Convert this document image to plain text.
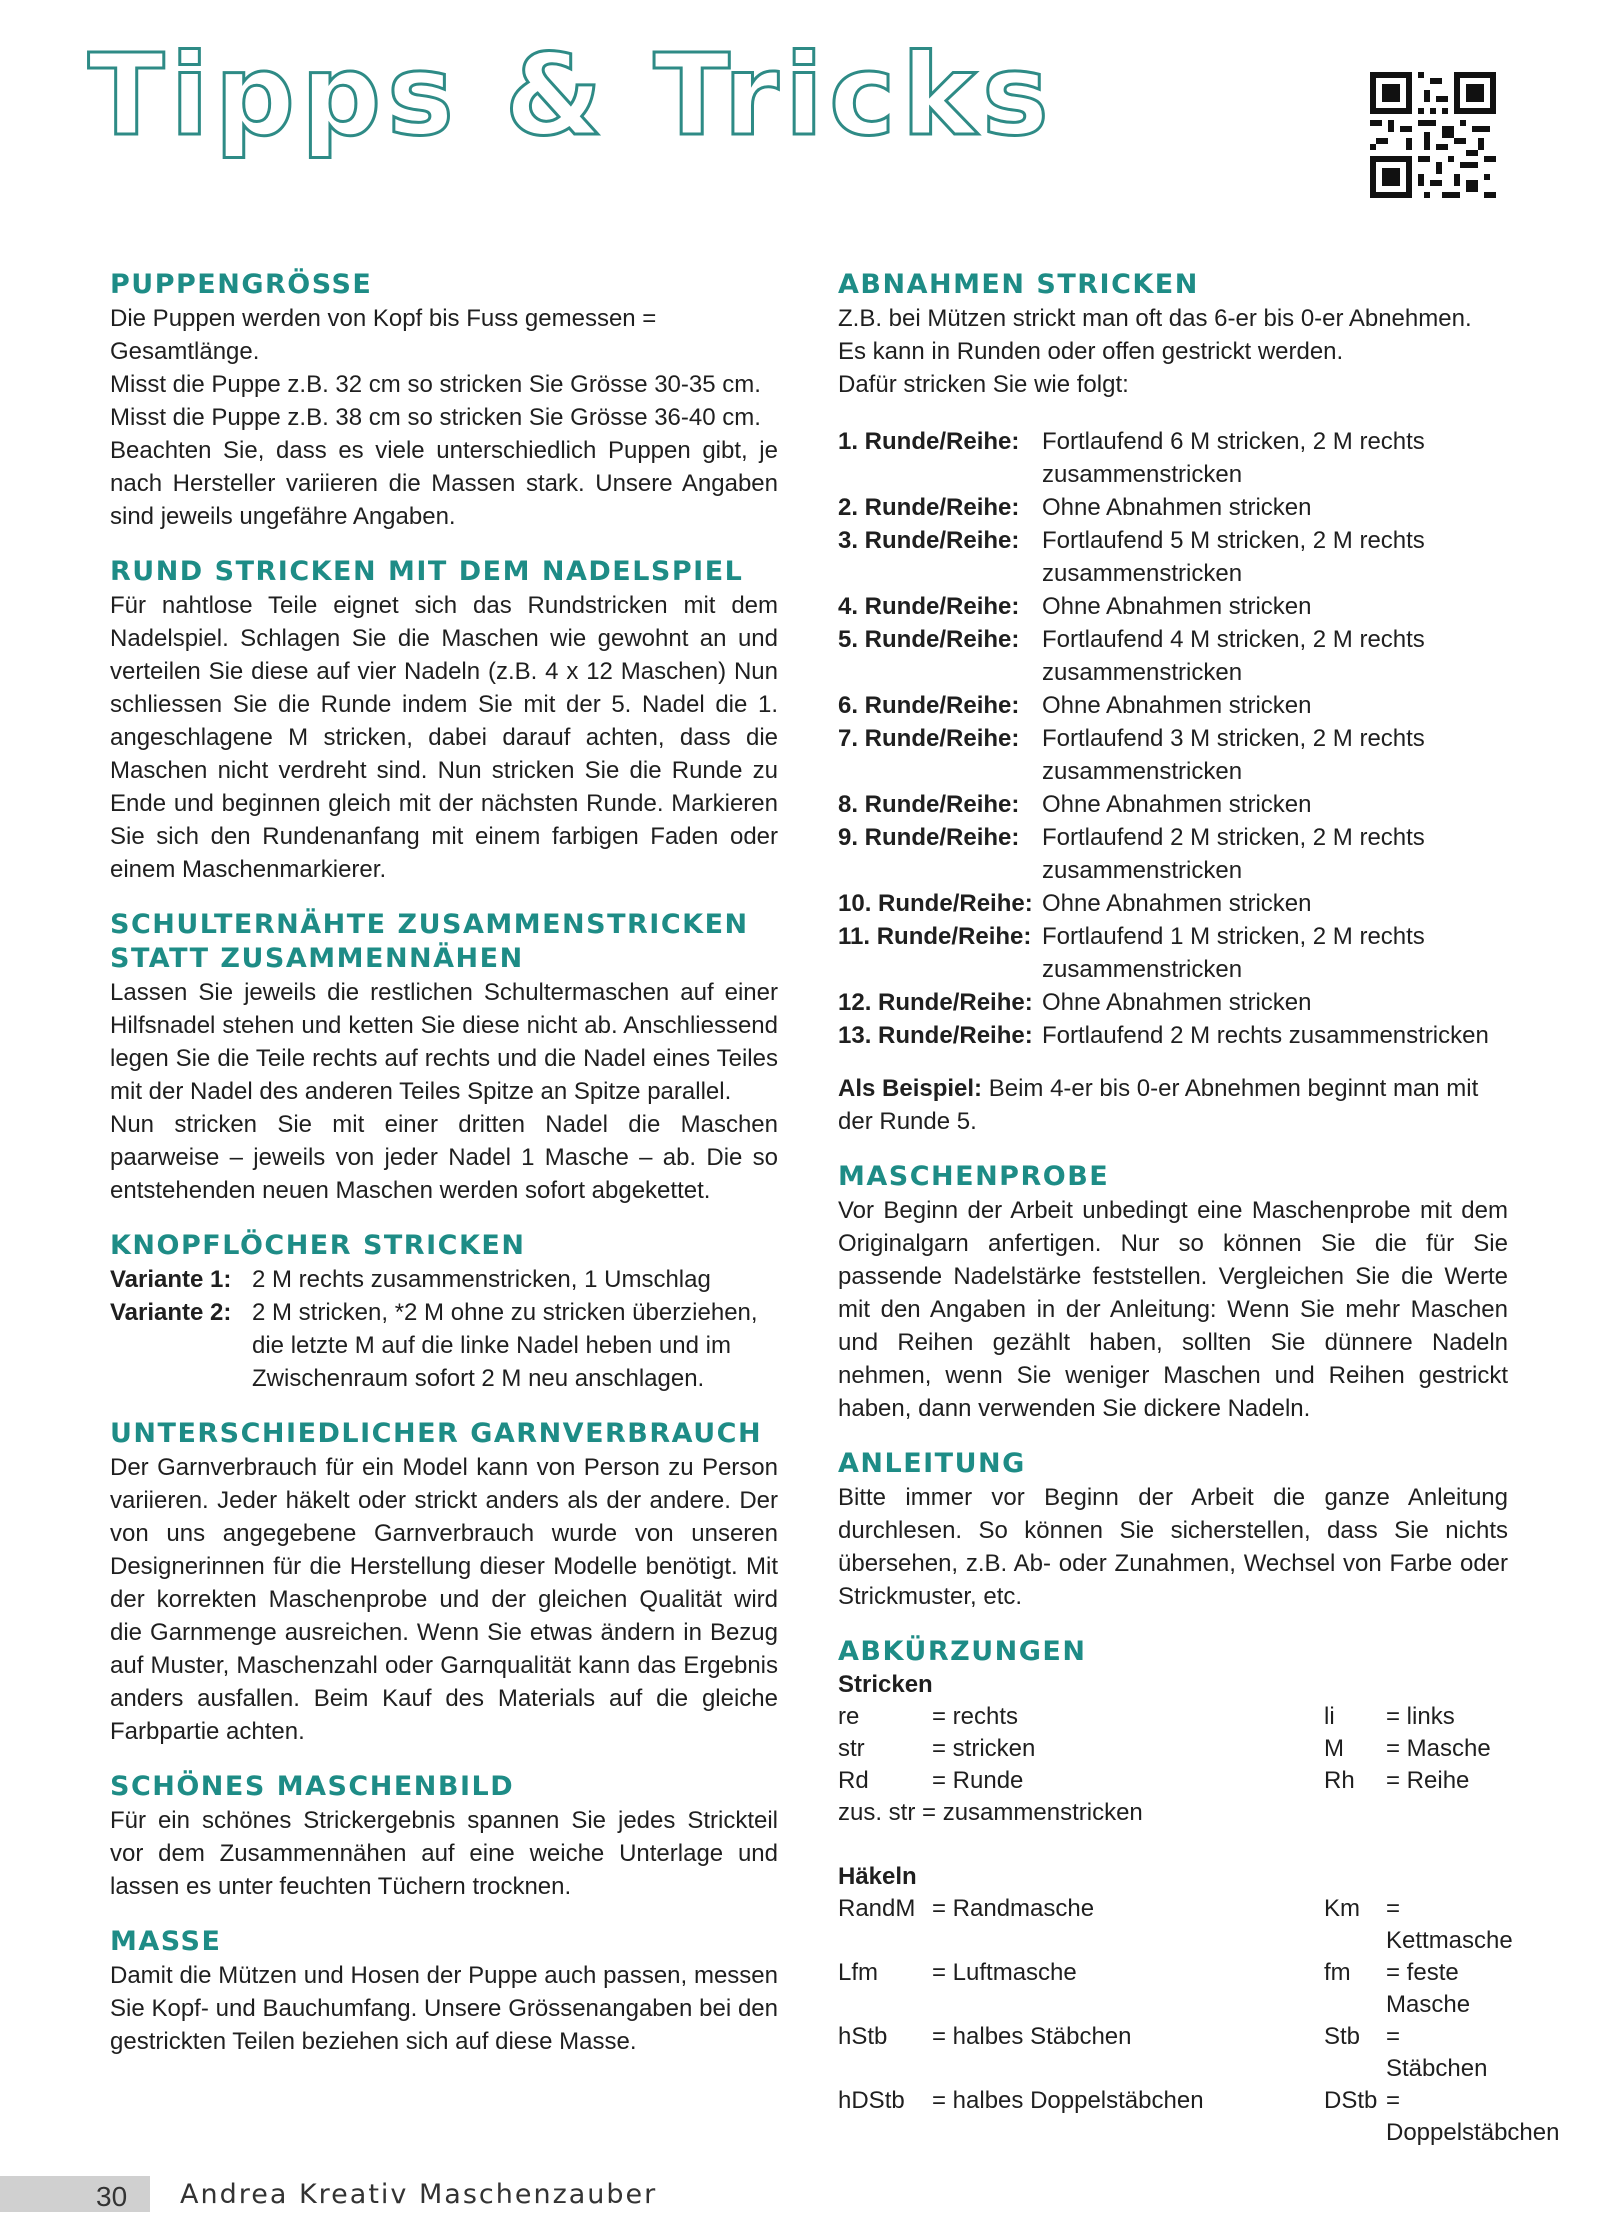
Tipps & Tricks
PUPPENGRÖSSE

Die Puppen werden von Kopf bis Fuss gemessen = Gesamtlänge.

Misst die Puppe z.B. 32 cm so stricken Sie Grösse 30-35 cm.

Misst die Puppe z.B. 38 cm so stricken Sie Grösse 36-40 cm.

Beachten Sie, dass es viele unterschiedlich Puppen gibt, je nach Hersteller variieren die Massen stark. Unsere Angaben sind jeweils ungefähre Angaben.

RUND STRICKEN MIT DEM NADELSPIEL

Für nahtlose Teile eignet sich das Rundstricken mit dem Nadelspiel. Schlagen Sie die Maschen wie gewohnt an und verteilen Sie diese auf vier Nadeln (z.B. 4 x 12 Maschen) Nun schliessen Sie die Runde indem Sie mit der 5. Nadel die 1. angeschlagene M stricken, dabei darauf achten, dass die Maschen nicht verdreht sind. Nun stricken Sie die Runde zu Ende und beginnen gleich mit der nächsten Runde. Markieren Sie sich den Rundenanfang mit einem farbigen Faden oder einem Maschenmarkierer.

SCHULTERNÄHTE ZUSAMMENSTRICKEN
STATT ZUSAMMENNÄHEN

Lassen Sie jeweils die restlichen Schultermaschen auf einer Hilfsnadel stehen und ketten Sie diese nicht ab. Anschliessend legen Sie die Teile rechts auf rechts und die Nadel eines Teiles mit der Nadel des anderen Teiles Spitze an Spitze parallel.

Nun stricken Sie mit einer dritten Nadel die Maschen paarweise – jeweils von jeder Nadel 1 Masche – ab. Die so entstehenden neuen Maschen werden sofort abgekettet.

KNOPFLÖCHER STRICKEN
Variante 1: 2 M rechts zusammenstricken, 1 Umschlag
Variante 2: 2 M stricken, *2 M ohne zu stricken überziehen, die letzte M auf die linke Nadel heben und im Zwischenraum sofort 2 M neu anschlagen.
UNTERSCHIEDLICHER GARNVERBRAUCH

Der Garnverbrauch für ein Model kann von Person zu Person variieren. Jeder häkelt oder strickt anders als der andere. Der von uns angegebene Garnverbrauch wurde von unseren Designerinnen für die Herstellung dieser Modelle benötigt. Mit der korrekten Maschenprobe und der gleichen Qualität wird die Garnmenge ausreichen. Wenn Sie etwas ändern in Bezug auf Muster, Maschenzahl oder Garnqualität kann das Ergebnis anders ausfallen. Beim Kauf des Materials auf die gleiche Farbpartie achten.

SCHÖNES MASCHENBILD

Für ein schönes Strickergebnis spannen Sie jedes Strickteil vor dem Zusammennähen auf eine weiche Unterlage und lassen es unter feuchten Tüchern trocknen.

MASSE

Damit die Mützen und Hosen der Puppe auch passen, messen Sie Kopf- und Bauchumfang. Unsere Grössenangaben bei den gestrickten Teilen beziehen sich auf diese Masse.

ABNAHMEN STRICKEN

Z.B. bei Mützen strickt man oft das 6-er bis 0-er Abnehmen.

Es kann in Runden oder offen gestrickt werden.

Dafür stricken Sie wie folgt:

1. Runde/Reihe: Fortlaufend 6 M stricken, 2 M rechts zusammenstricken
2. Runde/Reihe: Ohne Abnahmen stricken
3. Runde/Reihe: Fortlaufend 5 M stricken, 2 M rechts zusammenstricken
4. Runde/Reihe: Ohne Abnahmen stricken
5. Runde/Reihe: Fortlaufend 4 M stricken, 2 M rechts zusammenstricken
6. Runde/Reihe: Ohne Abnahmen stricken
7. Runde/Reihe: Fortlaufend 3 M stricken, 2 M rechts zusammenstricken
8. Runde/Reihe: Ohne Abnahmen stricken
9. Runde/Reihe: Fortlaufend 2 M stricken, 2 M rechts zusammenstricken
10. Runde/Reihe: Ohne Abnahmen stricken
11. Runde/Reihe: Fortlaufend 1 M stricken, 2 M rechts zusammenstricken
12. Runde/Reihe: Ohne Abnahmen stricken
13. Runde/Reihe: Fortlaufend 2 M rechts zusammenstricken
Als Beispiel: Beim 4-er bis 0-er Abnehmen beginnt man mit der Runde 5.
MASCHENPROBE

Vor Beginn der Arbeit unbedingt eine Maschenprobe mit dem Originalgarn anfertigen. Nur so können Sie die für Sie passende Nadelstärke feststellen. Vergleichen Sie die Werte mit den Angaben in der Anleitung: Wenn Sie mehr Maschen und Reihen gezählt haben, sollten Sie dünnere Nadeln nehmen, wenn Sie weniger Maschen und Reihen gestrickt haben, dann verwenden Sie dickere Nadeln.

ANLEITUNG

Bitte immer vor Beginn der Arbeit die ganze Anleitung durchlesen. So können Sie sicherstellen, dass Sie nichts übersehen, z.B. Ab- oder Zunahmen, Wechsel von Farbe oder Strickmuster, etc.

ABKÜRZUNGEN
Stricken
re	= rechts	li	= links
str	= stricken	M	= Masche
Rd	= Runde	Rh	= Reihe
zus. str = zusammenstricken
Häkeln
RandM = Randmasche	Km	= Kettmasche
Lfm	= Luftmasche	fm	= feste Masche
hStb	= halbes Stäbchen	Stb	= Stäbchen
hDStb	= halbes Doppelstäbchen	DStb = Doppelstäbchen
30 Andrea Kreativ Maschenzauber
